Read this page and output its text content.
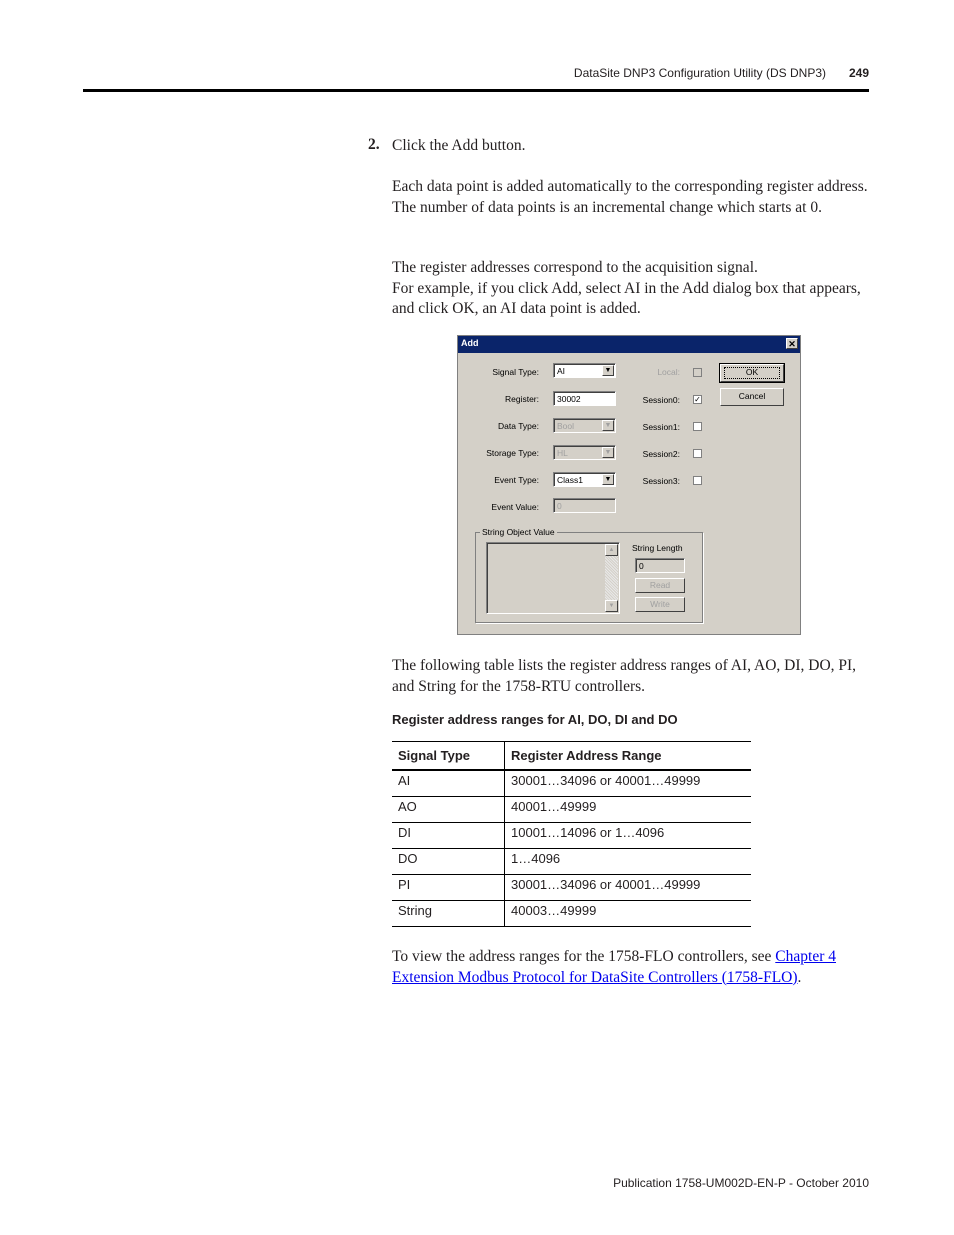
DataSite DNP3 Configuration Utility (DS DNP3) 249
2. Click the Add button.
Each data point is added automatically to the corresponding register address. The number of data points is an incremental change which starts at 0.

The register addresses correspond to the acquisition signal.

For example, if you click Add, select AI in the Add dialog box that appears, and click OK, an AI data point is added.

Add	✕
Signal Type:	AI	▼
Register:	30002
Data Type:	Bool	▼
Storage Type:	HL	▼
Event Type:	Class1	▼
Event Value:	0
Local:
Session0: ✓
Session1:
Session2:
Session3:
OK
Cancel
String Object Value
▲
▼
String Length
0
Read
Write
The following table lists the register address ranges of AI, AO, DI, DO, PI, and String for the 1758-RTU controllers.
Register address ranges for AI, DO, DI and DO
Signal Type	Register Address Range
AI	30001…34096 or 40001…49999
AO	40001…49999
DI	10001…14096 or 1…4096
DO	1…4096
PI	30001…34096 or 40001…49999
String	40003…49999
To view the address ranges for the 1758-FLO controllers, see Chapter 4 Extension Modbus Protocol for DataSite Controllers (1758-FLO).
Publication 1758-UM002D-EN-P - October 2010
